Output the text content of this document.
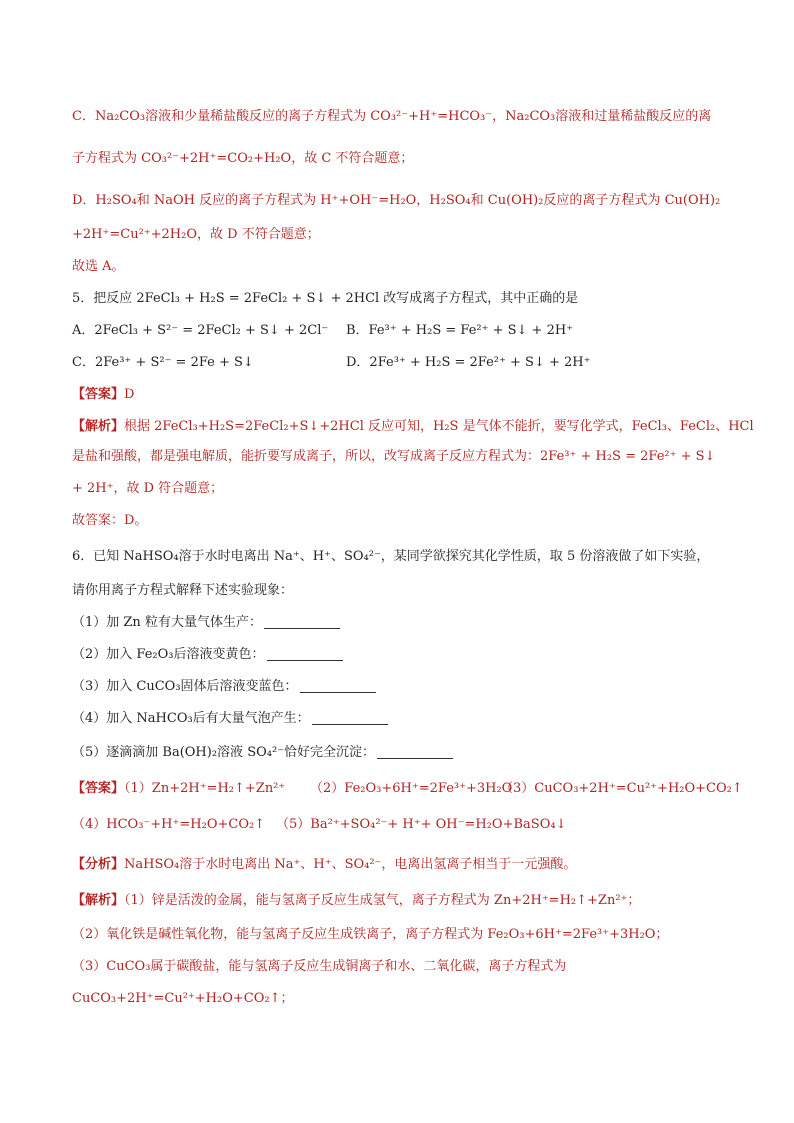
C．Na₂CO₃溶液和少量稀盐酸反应的离子方程式为 CO₃²⁻+H⁺=HCO₃⁻，Na₂CO₃溶液和过量稀盐酸反应的离
子方程式为 CO₃²⁻+2H⁺=CO₂+H₂O，故 C 不符合题意；
D．H₂SO₄和 NaOH 反应的离子方程式为 H⁺+OH⁻=H₂O，H₂SO₄和 Cu(OH)₂反应的离子方程式为 Cu(OH)₂
+2H⁺=Cu²⁺+2H₂O，故 D 不符合题意；
故选 A。
5．把反应 2FeCl₃ + H₂S = 2FeCl₂ + S↓ + 2HCl 改写成离子方程式，其中正确的是
A．2FeCl₃ + S²⁻ = 2FeCl₂ + S↓ + 2Cl⁻ B．Fe³⁺ + H₂S = Fe²⁺ + S↓ + 2H⁺
C．2Fe³⁺ + S²⁻ = 2Fe + S↓	D．2Fe³⁺ + H₂S = 2Fe²⁺ + S↓ + 2H⁺
【答案】D
【解析】根据 2FeCl₃+H₂S=2FeCl₂+S↓+2HCl 反应可知，H₂S 是气体不能折，要写化学式，FeCl₃、FeCl₂、HCl
是盐和强酸，都是强电解质，能折要写成离子，所以，改写成离子反应方程式为：2Fe³⁺ + H₂S = 2Fe²⁺ + S↓
+ 2H⁺，故 D 符合题意；
故答案：D。
6．已知 NaHSO₄溶于水时电离出 Na⁺、H⁺、SO₄²⁻，某同学欲探究其化学性质，取 5 份溶液做了如下实验，
请你用离子方程式解释下述实验现象：
（1）加 Zn 粒有大量气体生产：
（2）加入 Fe₂O₃后溶液变黄色：
（3）加入 CuCO₃固体后溶液变蓝色：
（4）加入 NaHCO₃后有大量气泡产生：
（5）逐滴滴加 Ba(OH)₂溶液 SO₄²⁻恰好完全沉淀：
【答案】（1）Zn+2H⁺=H₂↑+Zn²⁺ （2）Fe₂O₃+6H⁺=2Fe³⁺+3H₂O
（3）CuCO₃+2H⁺=Cu²⁺+H₂O+CO₂↑
（4）HCO₃⁻+H⁺=H₂O+CO₂↑ （5）Ba²⁺+SO₄²⁻+ H⁺+ OH⁻=H₂O+BaSO₄↓
【分析】NaHSO₄溶于水时电离出 Na⁺、H⁺、SO₄²⁻，电离出氢离子相当于一元强酸。
【解析】（1）锌是活泼的金属，能与氢离子反应生成氢气，离子方程式为 Zn+2H⁺=H₂↑+Zn²⁺；
（2）氧化铁是碱性氧化物，能与氢离子反应生成铁离子，离子方程式为 Fe₂O₃+6H⁺=2Fe³⁺+3H₂O；
（3）CuCO₃属于碳酸盐，能与氢离子反应生成铜离子和水、二氧化碳，离子方程式为
CuCO₃+2H⁺=Cu²⁺+H₂O+CO₂↑；
